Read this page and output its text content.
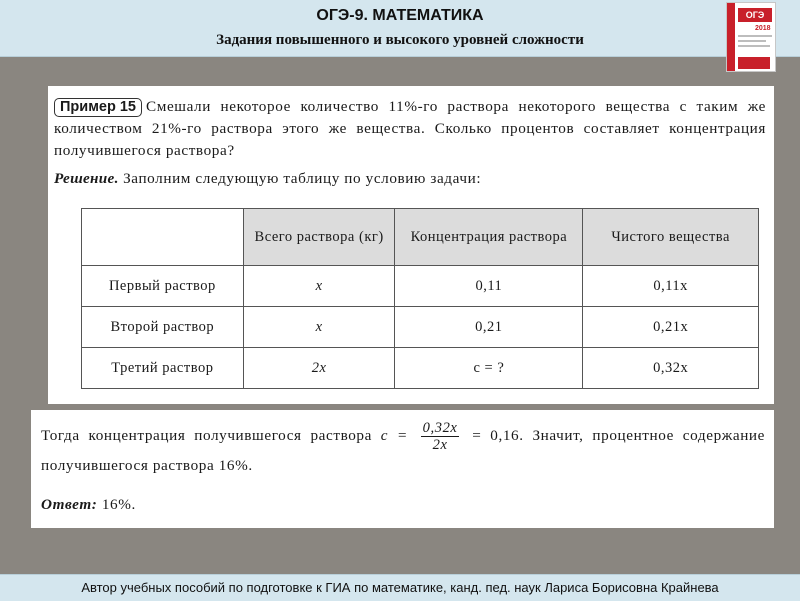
ОГЭ-9. МАТЕМАТИКА
Задания повышенного и высокого уровней сложности
ОГЭ
2018
Пример 15 Смешали некоторое количество 11%-го раствора некоторого вещества с таким же количеством 21%-го раствора этого же вещества. Сколько процентов составляет концентрация получившегося раствора?
Решение. Заполним следующую таблицу по условию задачи:
	Всего раствора (кг)	Концентрация раствора	Чистого вещества
Первый раствор	x	0,11	0,11x
Второй раствор	x	0,21	0,21x
Третий раствор	2x	c = ?	0,32x
Тогда концентрация получившегося раствора $c = \frac{0,32x}{2x} = 0,16$. Значит, процентное содержание получившегося раствора 16%.
Ответ: 16%.
Автор учебных пособий по подготовке к ГИА по математике, канд. пед. наук Лариса Борисовна Крайнева
